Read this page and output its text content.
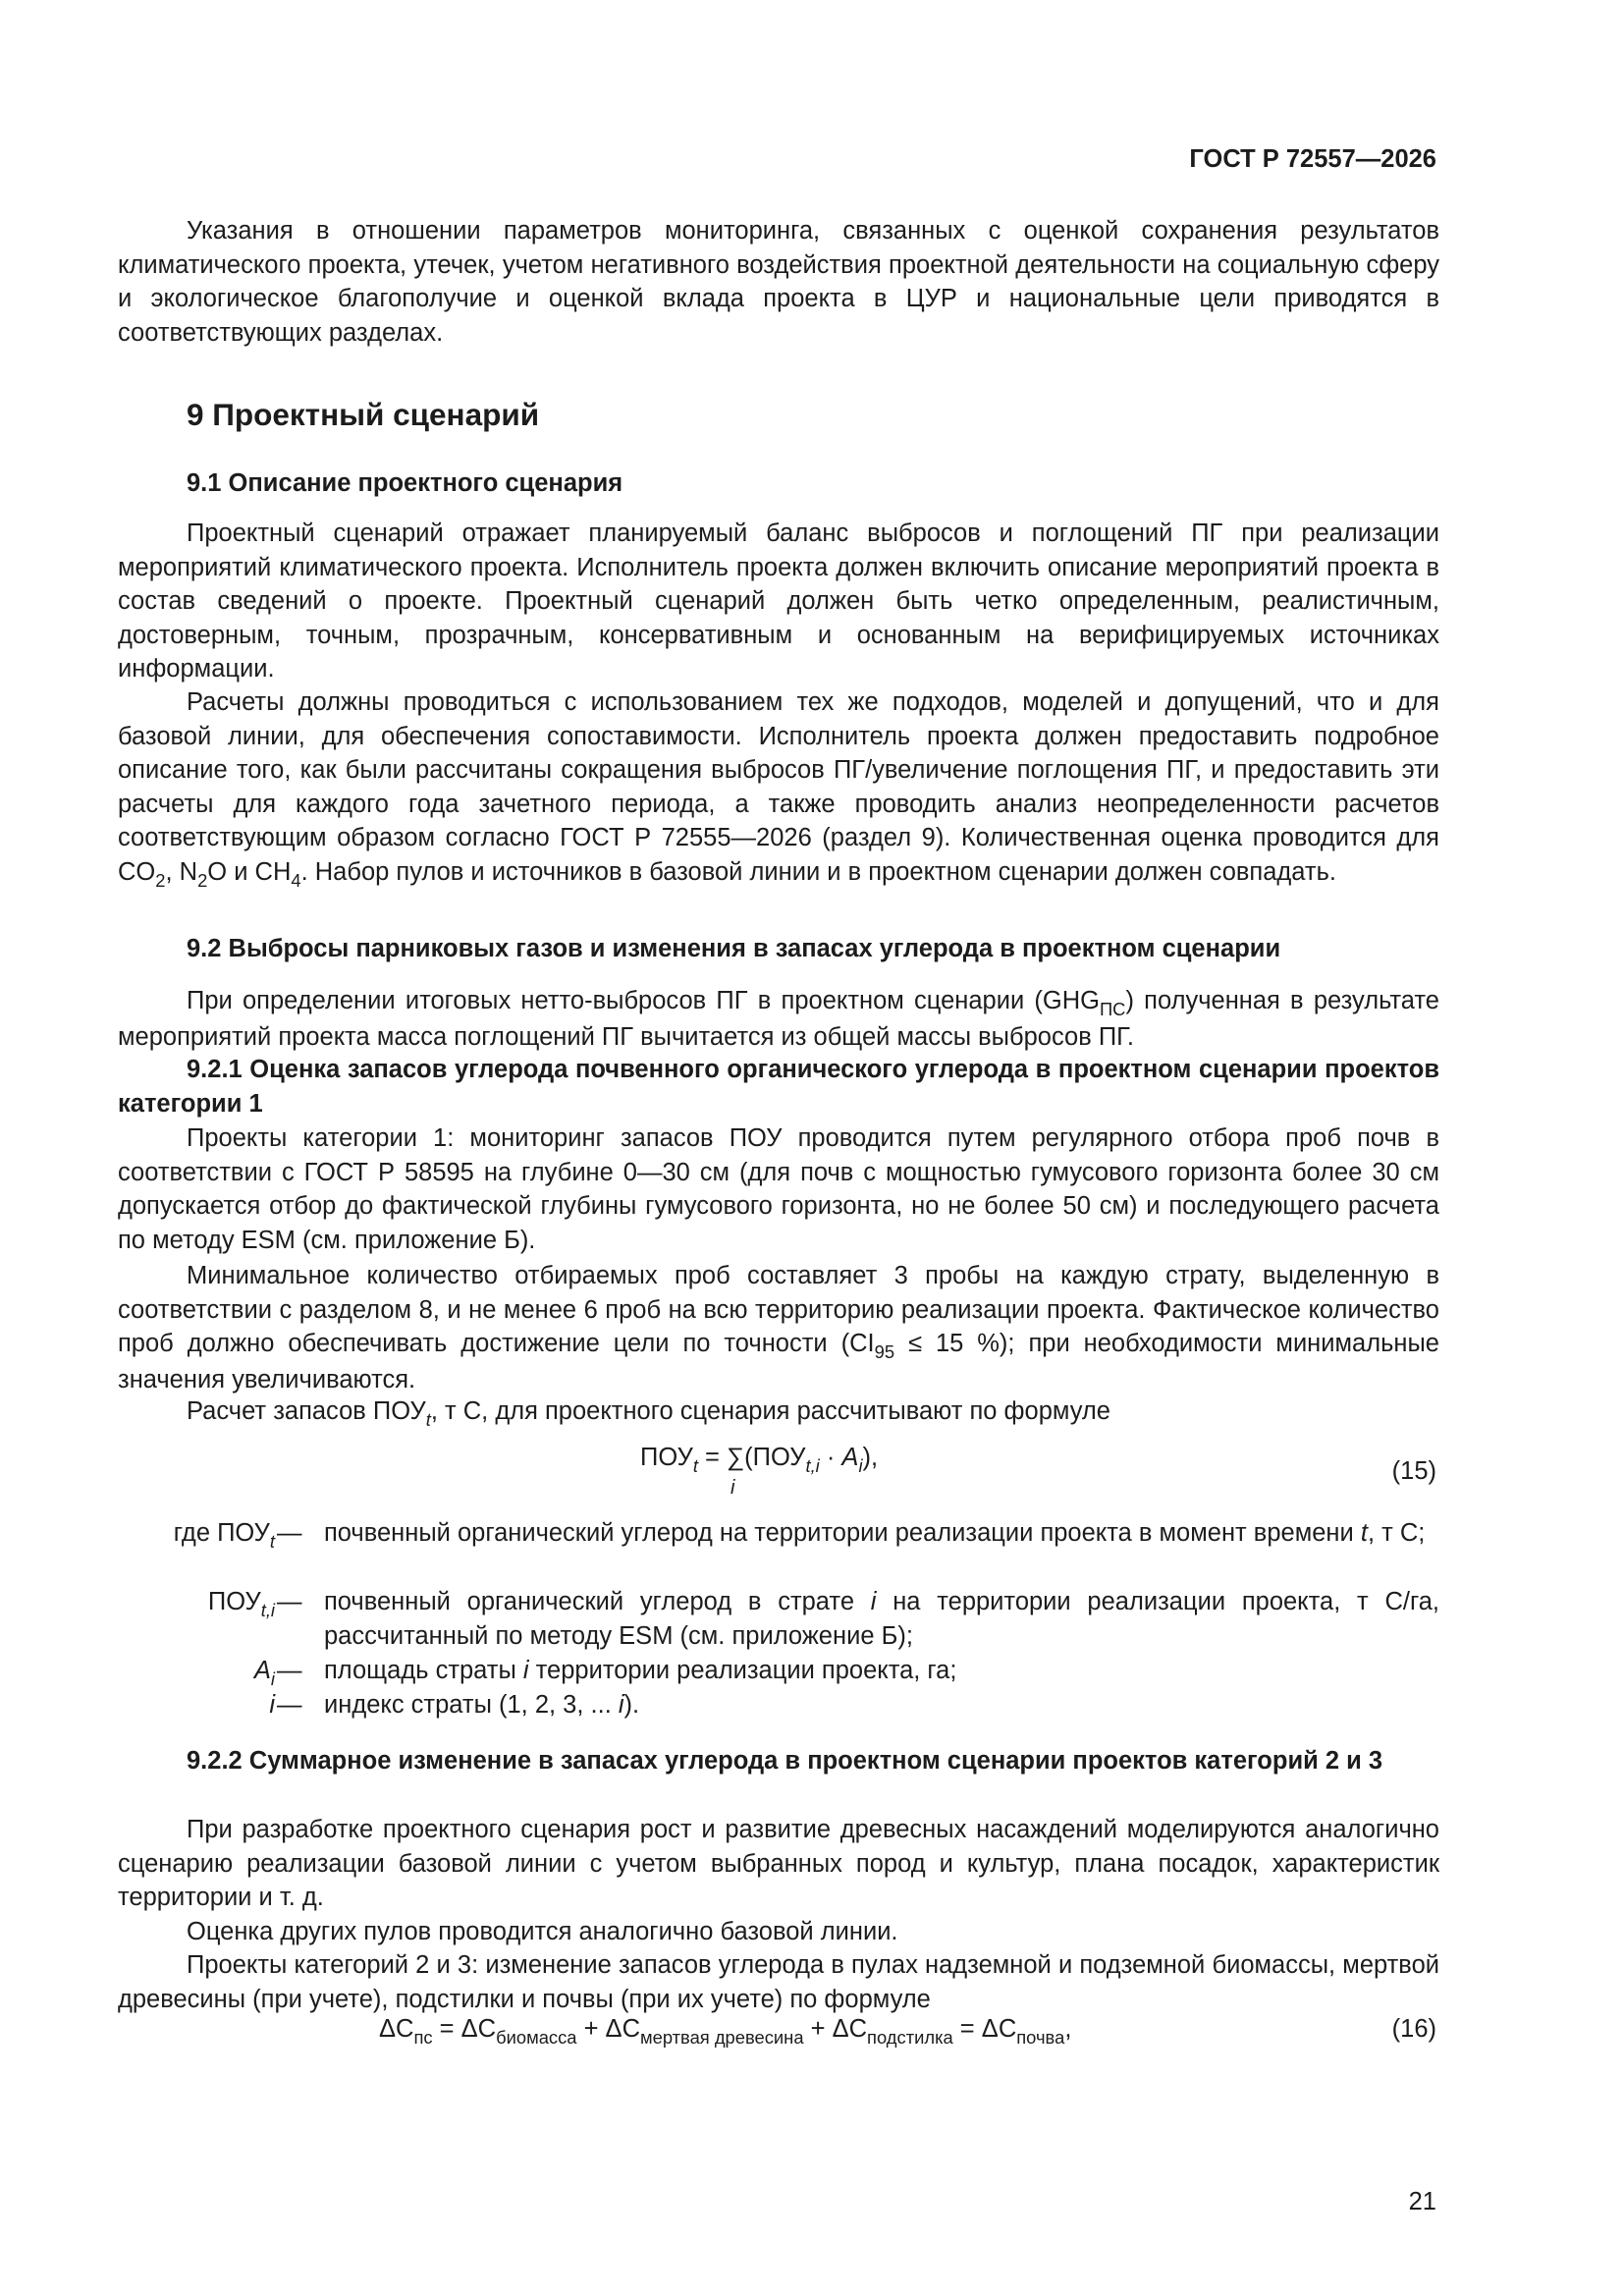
ГОСТ Р 72557—2026

Указания в отношении параметров мониторинга, связанных с оценкой сохранения результатов климатического проекта, утечек, учетом негативного воздействия проектной деятельности на социальную сферу и экологическое благополучие и оценкой вклада проекта в ЦУР и национальные цели приводятся в соответствующих разделах.

9 Проектный сценарий
9.1 Описание проектного сценария

Проектный сценарий отражает планируемый баланс выбросов и поглощений ПГ при реализации мероприятий климатического проекта. Исполнитель проекта должен включить описание мероприятий проекта в состав сведений о проекте. Проектный сценарий должен быть четко определенным, реалистичным, достоверным, точным, прозрачным, консервативным и основанным на верифицируемых источниках информации.

Расчеты должны проводиться с использованием тех же подходов, моделей и допущений, что и для базовой линии, для обеспечения сопоставимости. Исполнитель проекта должен предоставить подробное описание того, как были рассчитаны сокращения выбросов ПГ/увеличение поглощения ПГ, и предоставить эти расчеты для каждого года зачетного периода, а также проводить анализ неопределенности расчетов соответствующим образом согласно ГОСТ Р 72555—2026 (раздел 9). Количественная оценка проводится для $CO_2$, $N_2O$ и $CH_4$. Набор пулов и источников в базовой линии и в проектном сценарии должен совпадать.

9.2 Выбросы парниковых газов и изменения в запасах углерода в проектном сценарии

При определении итоговых нетто-выбросов ПГ в проектном сценарии $(GHG_{ПС})$ полученная в результате мероприятий проекта масса поглощений ПГ вычитается из общей массы выбросов ПГ.

9.2.1 Оценка запасов углерода почвенного органического углерода в проектном сценарии проектов категории 1

Проекты категории 1: мониторинг запасов ПОУ проводится путем регулярного отбора проб почв в соответствии с ГОСТ Р 58595 на глубине 0—30 см (для почв с мощностью гумусового горизонта более 30 см допускается отбор до фактической глубины гумусового горизонта, но не более 50 см) и последующего расчета по методу ESM (см. приложение Б).

Минимальное количество отбираемых проб составляет 3 пробы на каждую страту, выделенную в соответствии с разделом 8, и не менее 6 проб на всю территорию реализации проекта. Фактическое количество проб должно обеспечивать достижение цели по точности ($CI_{95} \le 15$ %); при необходимости минимальные значения увеличиваются.

Расчет запасов $ПОУ_t$, т С, для проектного сценария рассчитывают по формуле

$ПОУ_t$ = ∑
i
$(ПОУ_{t,i} \cdot A_i)$,	(15)
где $ПОУ_t$ — почвенный органический углерод на территории реализации проекта в момент времени t, т С;
$ПОУ_{t,i}$ — почвенный органический углерод в страте i на территории реализации проекта, т С/га, рассчитанный по методу ESM (см. приложение Б);
$A_i$ — площадь страты i территории реализации проекта, га;
i — индекс страты (1, 2, 3, ... i).

9.2.2 Суммарное изменение в запасах углерода в проектном сценарии проектов категорий 2 и 3

При разработке проектного сценария рост и развитие древесных насаждений моделируются аналогично сценарию реализации базовой линии с учетом выбранных пород и культур, плана посадок, характеристик территории и т. д.

Оценка других пулов проводится аналогично базовой линии.

Проекты категорий 2 и 3: изменение запасов углерода в пулах надземной и подземной биомассы, мертвой древесины (при учете), подстилки и почвы (при их учете) по формуле

$\Delta C_{пс} = \Delta C_{биомасса} + \Delta C_{мертвая древесина} + \Delta C_{подстилка} = \Delta C_{почва}$,	(16)
21
